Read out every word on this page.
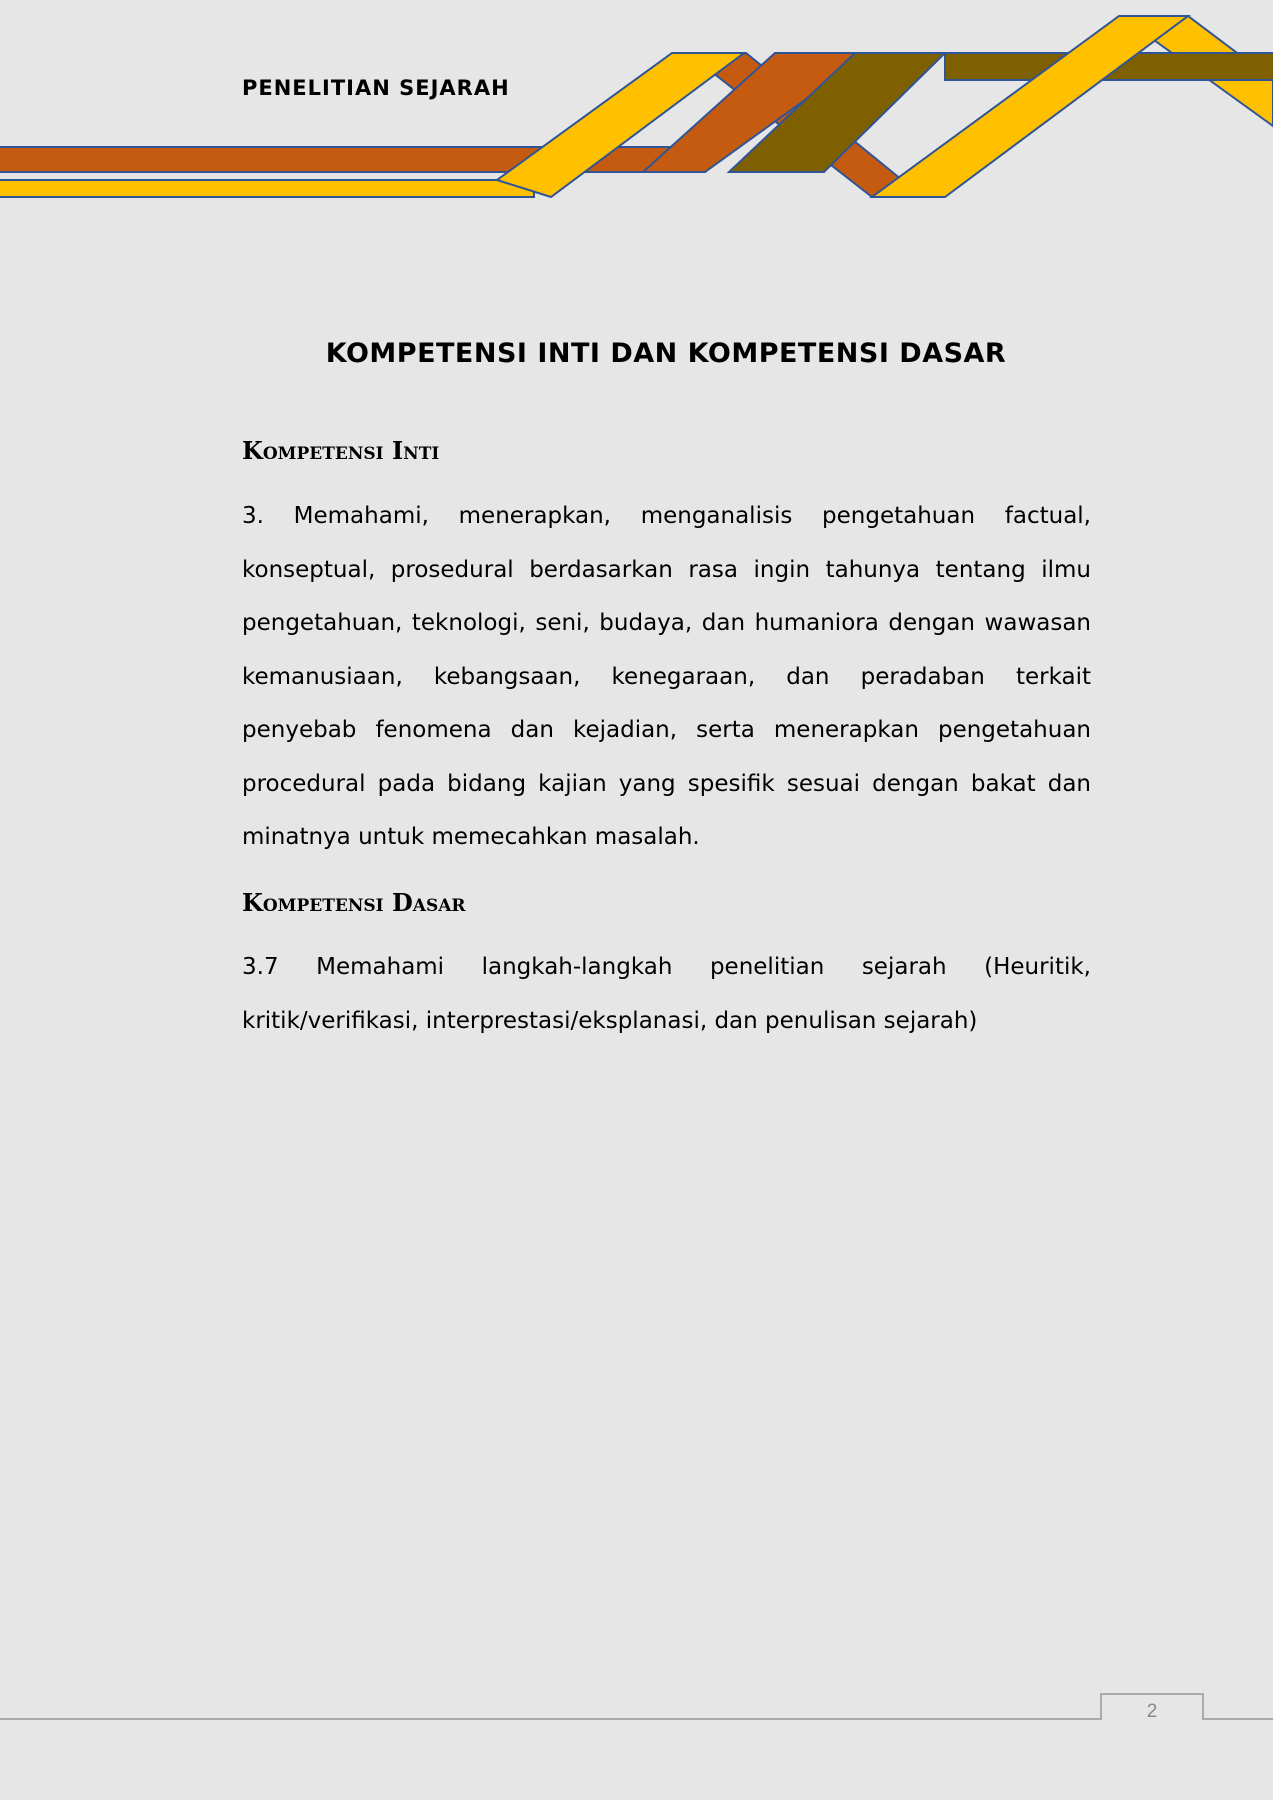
PENELITIAN SEJARAH
KOMPETENSI INTI DAN KOMPETENSI DASAR
Kompetensi Inti
3. Memahami, menerapkan, menganalisis pengetahuan factual, konseptual, prosedural berdasarkan rasa ingin tahunya tentang ilmu pengetahuan, teknologi, seni, budaya, dan humaniora dengan wawasan kemanusiaan, kebangsaan, kenegaraan, dan peradaban terkait penyebab fenomena dan kejadian, serta menerapkan pengetahuan procedural pada bidang kajian yang spesifik sesuai dengan bakat dan minatnya untuk memecahkan masalah.
Kompetensi Dasar
3.7 Memahami langkah-langkah penelitian sejarah (Heuritik, kritik/verifikasi, interprestasi/eksplanasi, dan penulisan sejarah)
2
